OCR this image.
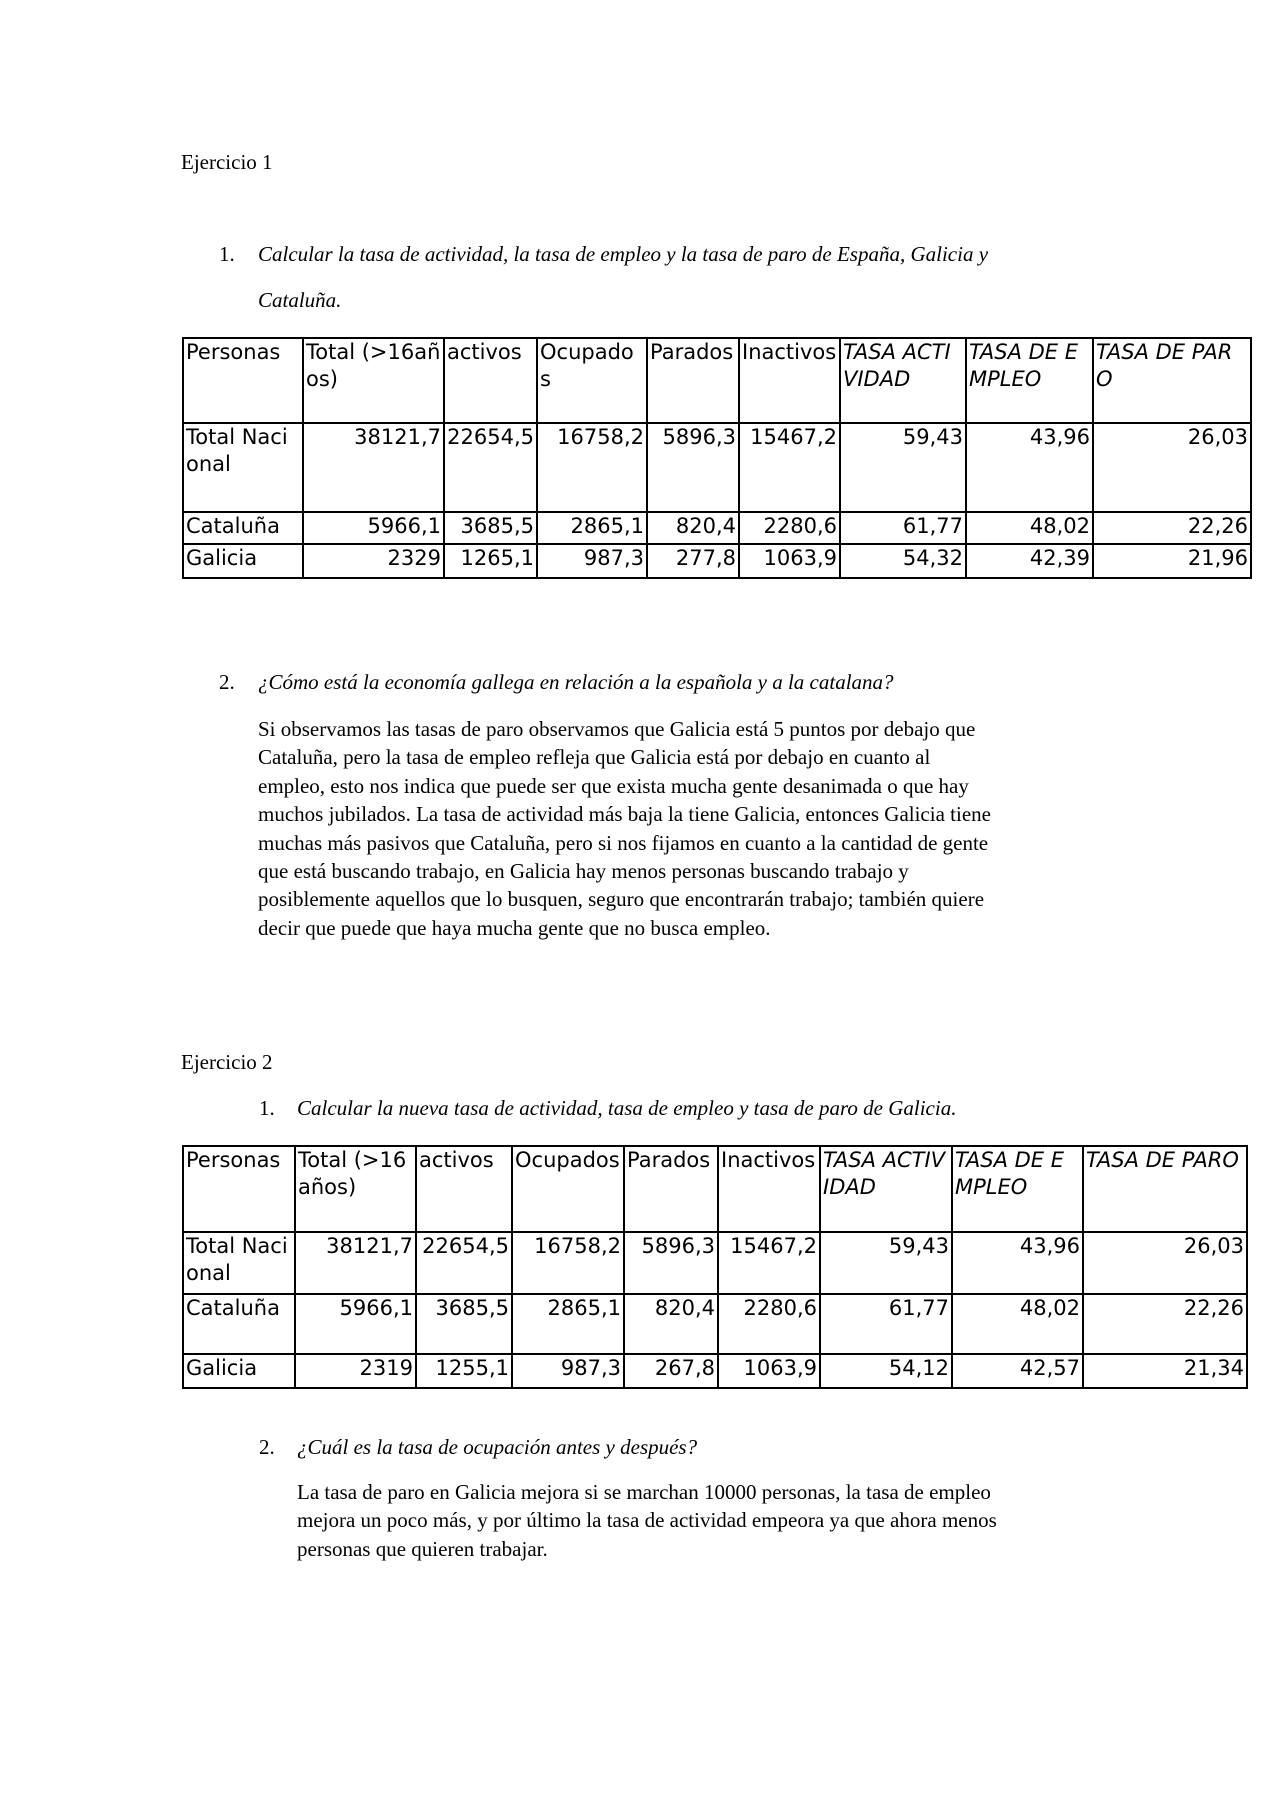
Ejercicio 1
1. Calcular la tasa de actividad, la tasa de empleo y la tasa de paro de España, Galicia y
Cataluña.
Personas	Total (>16años)	activos	Ocupados	Parados	Inactivos	TASA ACTIVIDAD	TASA DE EMPLEO	TASA DE PARO
Total Nacional	38121,7	22654,5	16758,2	5896,3	15467,2	59,43	43,96	26,03
Cataluña	5966,1	3685,5	2865,1	820,4	2280,6	61,77	48,02	22,26
Galicia	2329	1265,1	987,3	277,8	1063,9	54,32	42,39	21,96
2. ¿Cómo está la economía gallega en relación a la española y a la catalana?
Si observamos las tasas de paro observamos que Galicia está 5 puntos por debajo que
Cataluña, pero la tasa de empleo refleja que Galicia está por debajo en cuanto al
empleo, esto nos indica que puede ser que exista mucha gente desanimada o que hay
muchos jubilados. La tasa de actividad más baja la tiene Galicia, entonces Galicia tiene
muchas más pasivos que Cataluña, pero si nos fijamos en cuanto a la cantidad de gente
que está buscando trabajo, en Galicia hay menos personas buscando trabajo y
posiblemente aquellos que lo busquen, seguro que encontrarán trabajo; también quiere
decir que puede que haya mucha gente que no busca empleo.
Ejercicio 2
1. Calcular la nueva tasa de actividad, tasa de empleo y tasa de paro de Galicia.
Personas	Total (>16años)	activos	Ocupados	Parados	Inactivos	TASA ACTIVIDAD	TASA DE EMPLEO	TASA DE PARO
Total Nacional	38121,7	22654,5	16758,2	5896,3	15467,2	59,43	43,96	26,03
Cataluña	5966,1	3685,5	2865,1	820,4	2280,6	61,77	48,02	22,26
Galicia	2319	1255,1	987,3	267,8	1063,9	54,12	42,57	21,34
2. ¿Cuál es la tasa de ocupación antes y después?
La tasa de paro en Galicia mejora si se marchan 10000 personas, la tasa de empleo
mejora un poco más, y por último la tasa de actividad empeora ya que ahora menos
personas que quieren trabajar.
